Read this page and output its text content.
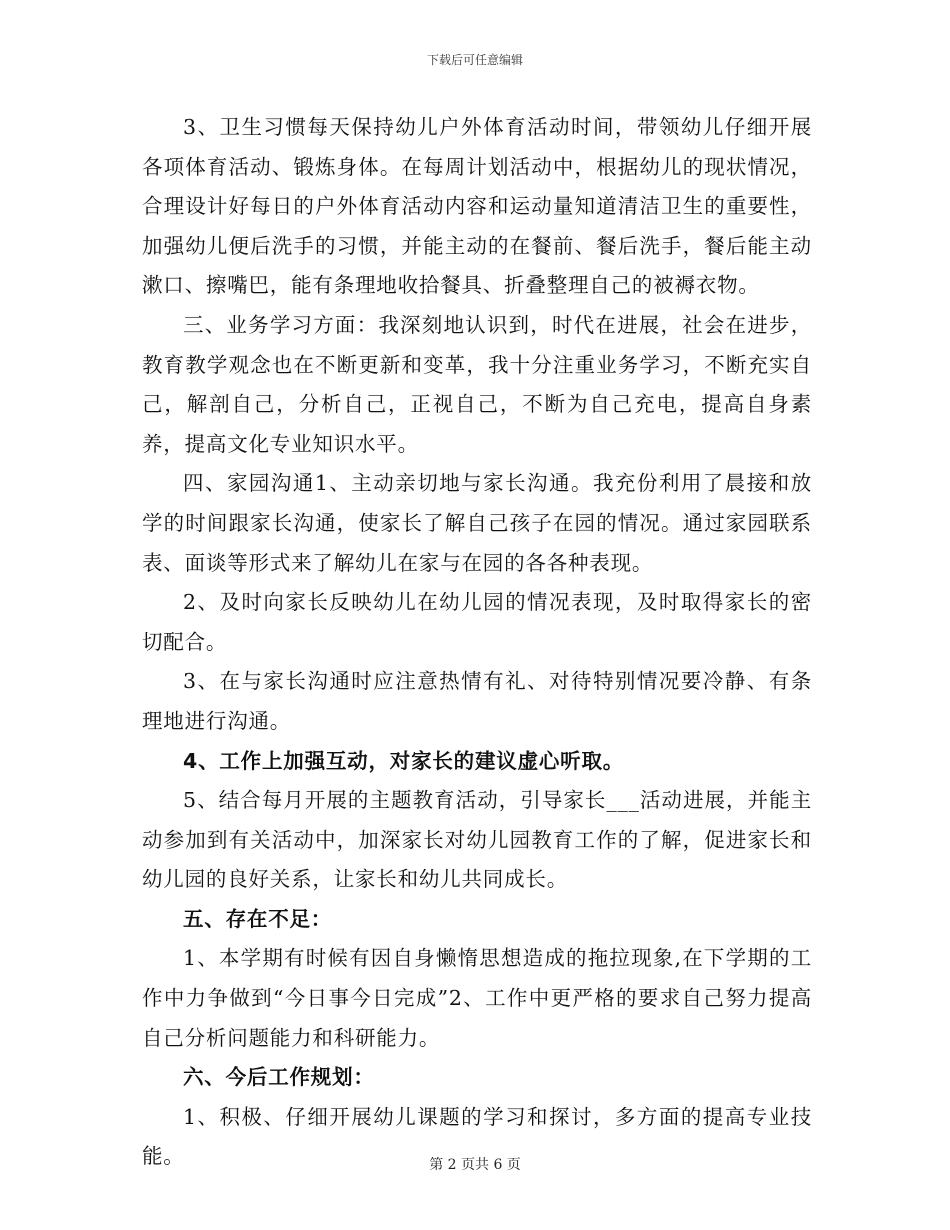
下载后可任意编辑

3、卫生习惯每天保持幼儿户外体育活动时间，带领幼儿仔细开展各项体育活动、锻炼身体。在每周计划活动中，根据幼儿的现状情况，合理设计好每日的户外体育活动内容和运动量知道清洁卫生的重要性，加强幼儿便后洗手的习惯，并能主动的在餐前、餐后洗手，餐后能主动漱口、擦嘴巴，能有条理地收拾餐具、折叠整理自己的被褥衣物。

三、业务学习方面：我深刻地认识到，时代在进展，社会在进步，教育教学观念也在不断更新和变革，我十分注重业务学习，不断充实自己，解剖自己，分析自己，正视自己，不断为自己充电，提高自身素养，提高文化专业知识水平。

四、家园沟通1、主动亲切地与家长沟通。我充份利用了晨接和放学的时间跟家长沟通，使家长了解自己孩子在园的情况。通过家园联系表、面谈等形式来了解幼儿在家与在园的各各种表现。

2、及时向家长反映幼儿在幼儿园的情况表现，及时取得家长的密切配合。

3、在与家长沟通时应注意热情有礼、对待特别情况要冷静、有条理地进行沟通。

4、工作上加强互动，对家长的建议虚心听取。

5、结合每月开展的主题教育活动，引导家长___活动进展，并能主动参加到有关活动中，加深家长对幼儿园教育工作的了解，促进家长和幼儿园的良好关系，让家长和幼儿共同成长。

五、存在不足：

1、本学期有时候有因自身懒惰思想造成的拖拉现象,在下学期的工作中力争做到“今日事今日完成”2、工作中更严格的要求自己努力提高自己分析问题能力和科研能力。

六、今后工作规划：

1、积极、仔细开展幼儿课题的学习和探讨，多方面的提高专业技能。	第 2 页共 6 页
